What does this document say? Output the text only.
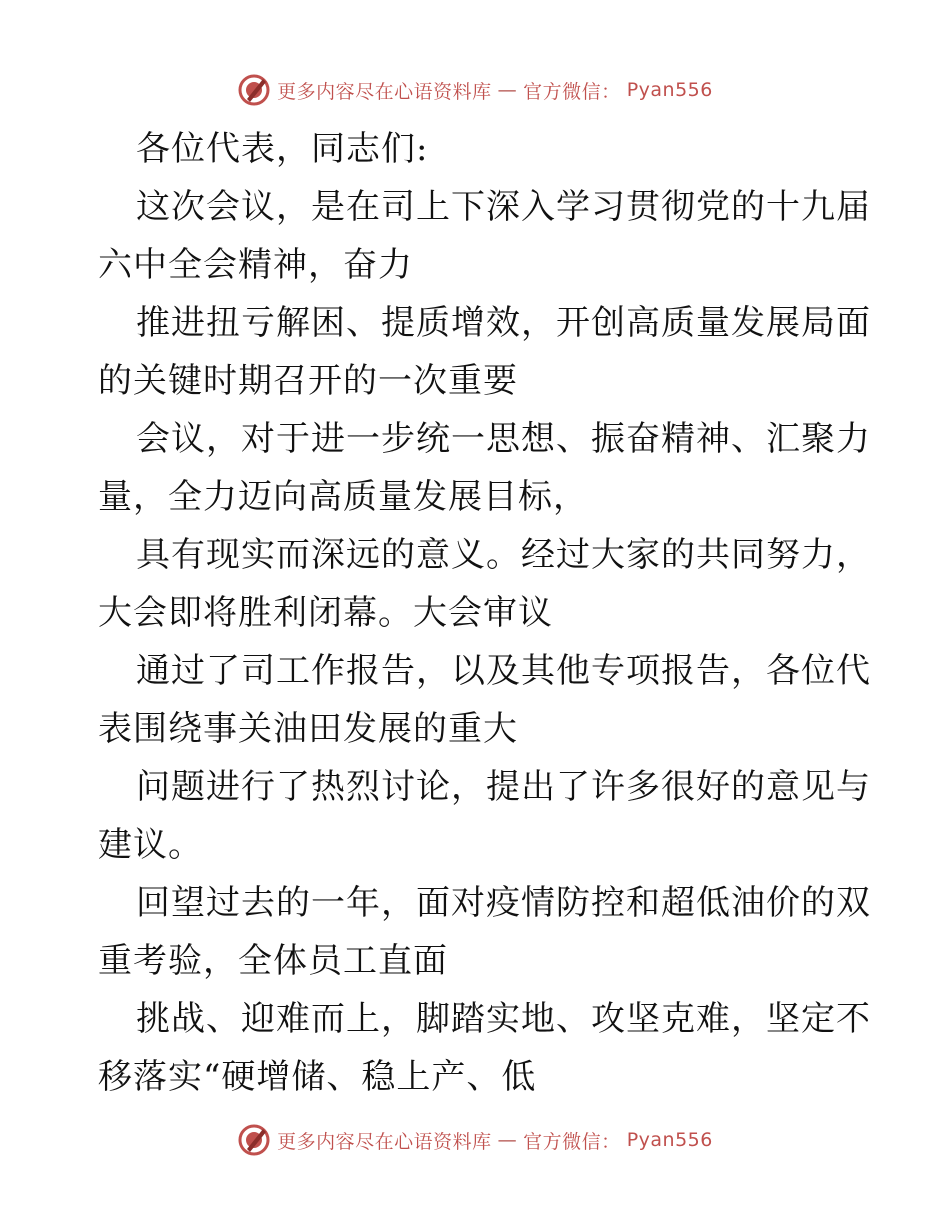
更多内容尽在心语资料库 — 官方微信： Pyan556
各位代表，同志们:
这次会议，是在司上下深入学习贯彻党的十九届
六中全会精神，奋力
推进扭亏解困、提质增效，开创高质量发展局面
的关键时期召开的一次重要
会议，对于进一步统一思想、振奋精神、汇聚力
量，全力迈向高质量发展目标，
具有现实而深远的意义。经过大家的共同努力，
大会即将胜利闭幕。大会审议
通过了司工作报告，以及其他专项报告，各位代
表围绕事关油田发展的重大
问题进行了热烈讨论，提出了许多很好的意见与
建议。
回望过去的一年，面对疫情防控和超低油价的双
重考验，全体员工直面
挑战、迎难而上，脚踏实地、攻坚克难，坚定不
移落实“硬增储、稳上产、低
更多内容尽在心语资料库 — 官方微信： Pyan556
